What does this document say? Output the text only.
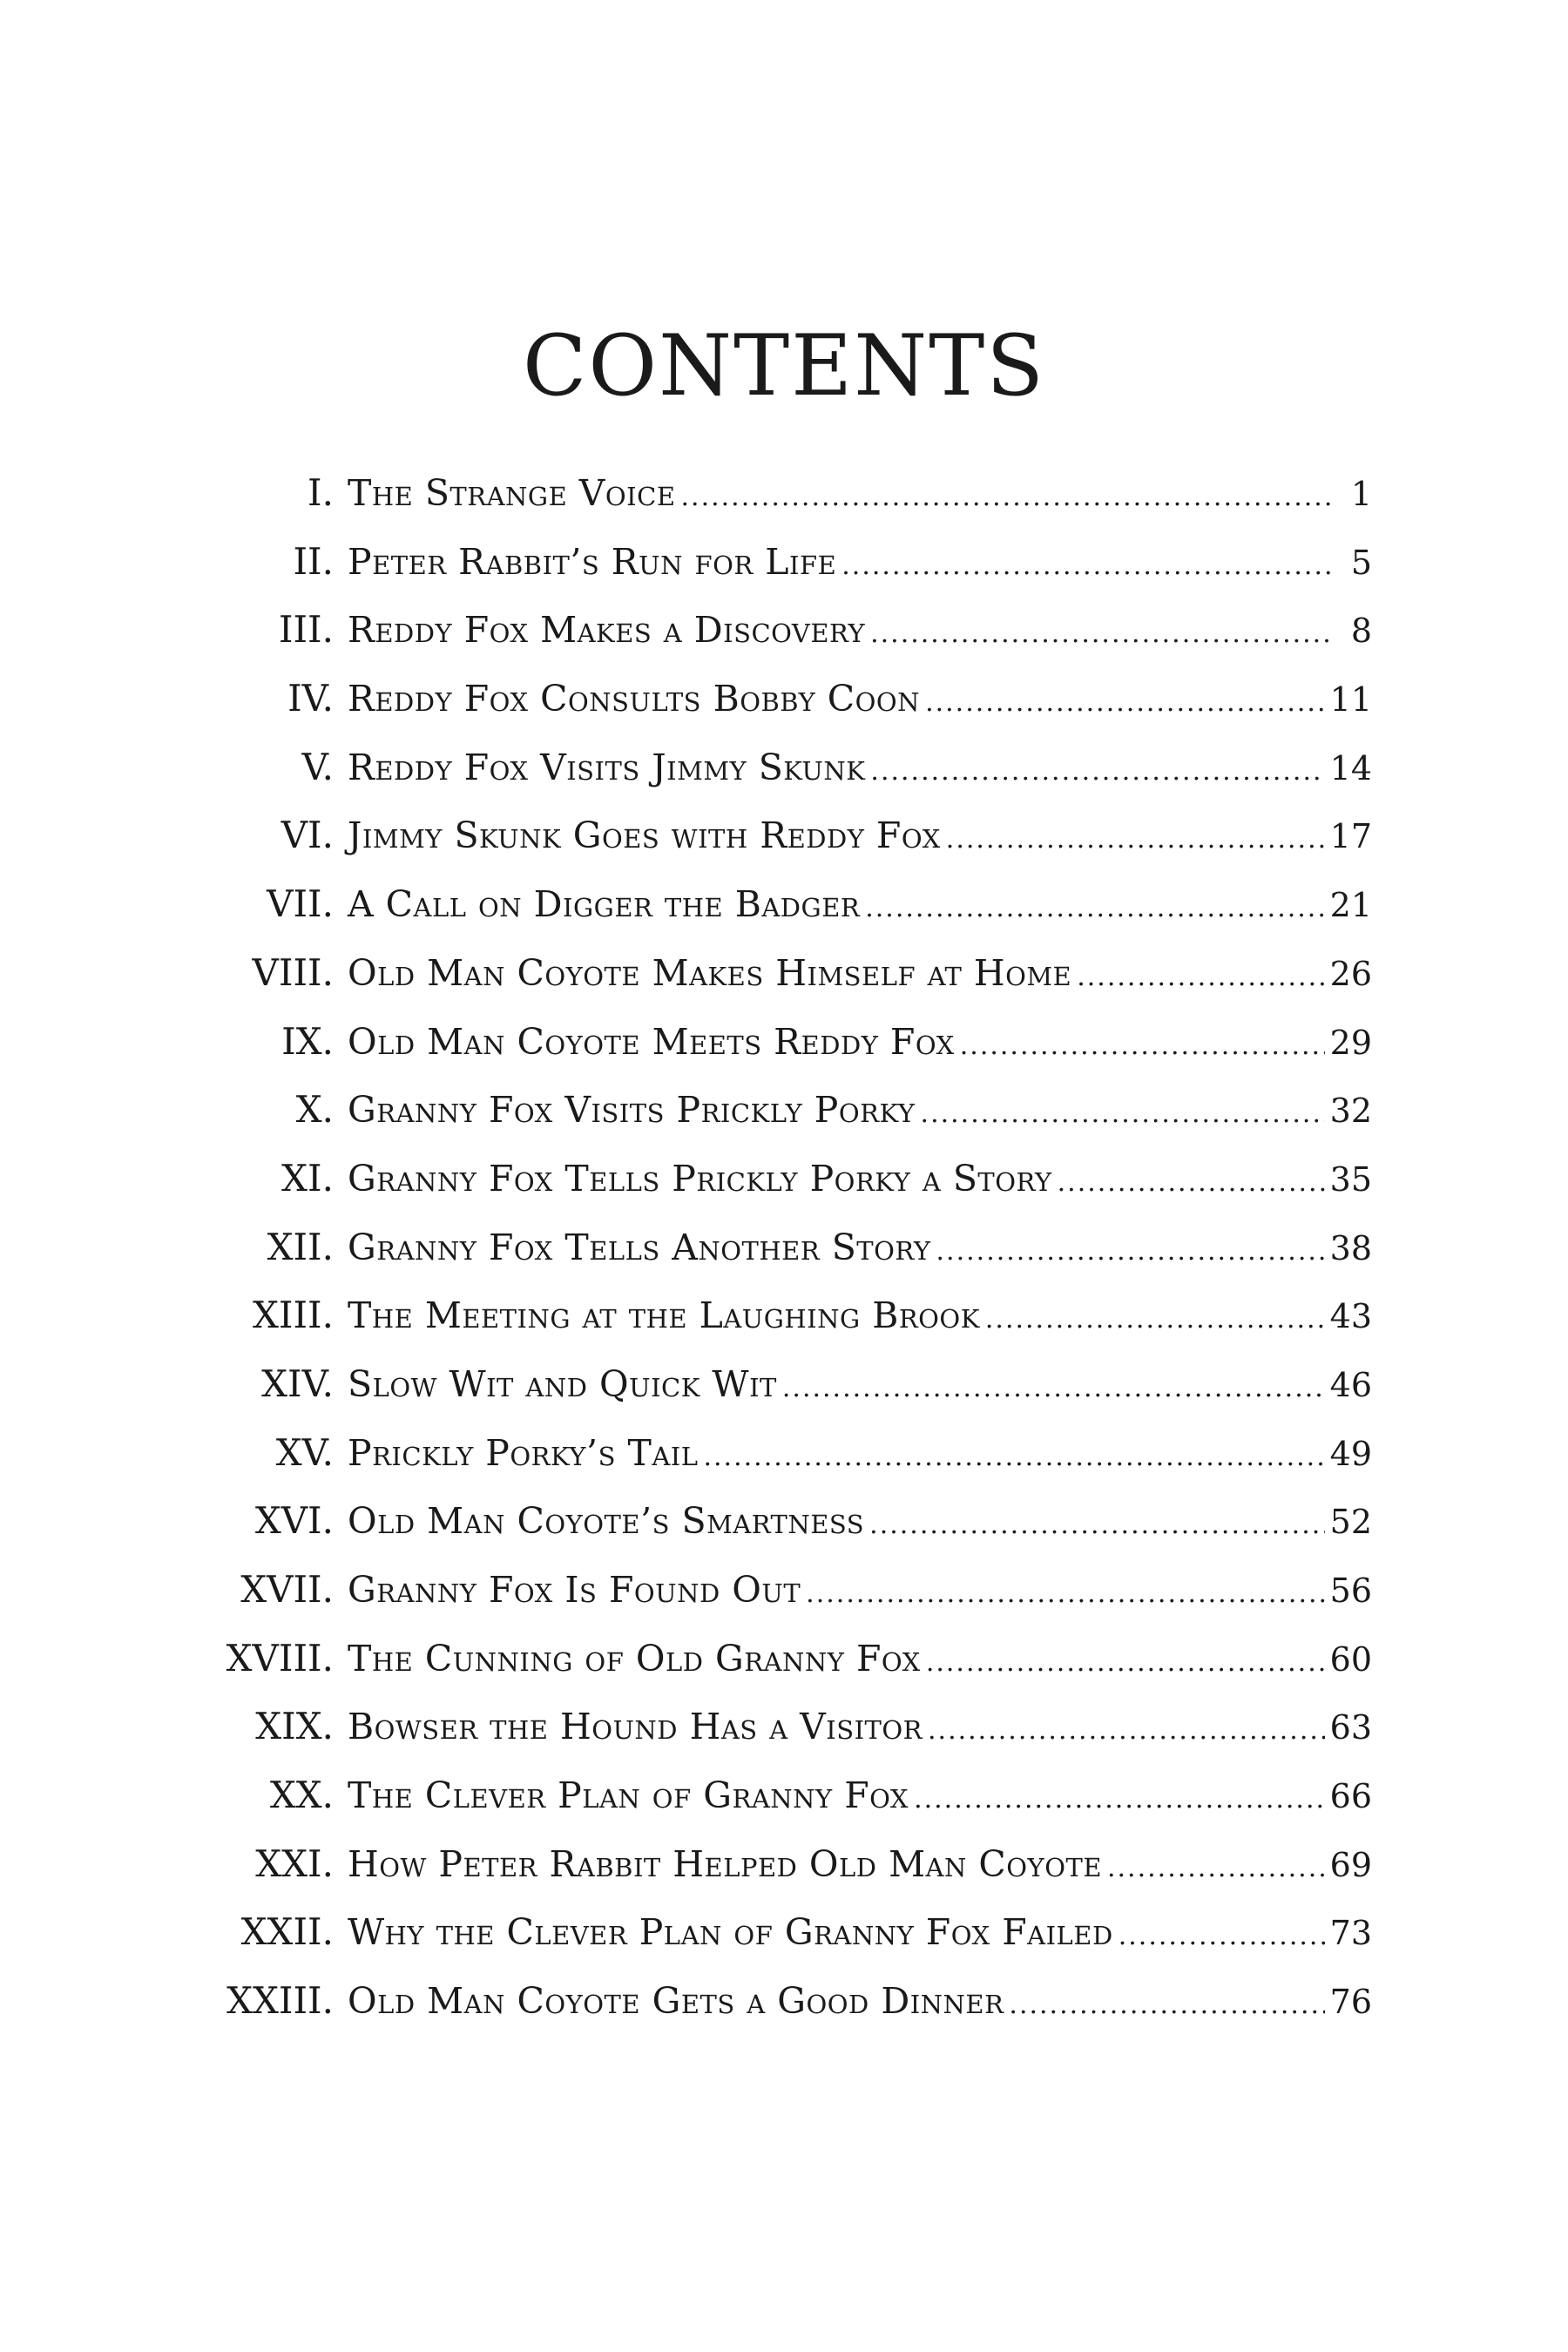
CONTENTS
I. The Strange Voice .....	1
II. Peter Rabbit’s Run for Life .....	5
III. Reddy Fox Makes a Discovery .....	8
IV. Reddy Fox Consults Bobby Coon .....	11
V. Reddy Fox Visits Jimmy Skunk .....	14
VI. Jimmy Skunk Goes with Reddy Fox .....	17
VII. A Call on Digger the Badger .....	21
VIII. Old Man Coyote Makes Himself at Home .....	26
IX. Old Man Coyote Meets Reddy Fox .....	29
X. Granny Fox Visits Prickly Porky .....	32
XI. Granny Fox Tells Prickly Porky a Story .....	35
XII. Granny Fox Tells Another Story .....	38
XIII. The Meeting at the Laughing Brook .....	43
XIV. Slow Wit and Quick Wit .....	46
XV. Prickly Porky’s Tail .....	49
XVI. Old Man Coyote’s Smartness .....	52
XVII. Granny Fox Is Found Out .....	56
XVIII. The Cunning of Old Granny Fox .....	60
XIX. Bowser the Hound Has a Visitor .....	63
XX. The Clever Plan of Granny Fox .....	66
XXI. How Peter Rabbit Helped Old Man Coyote .....	69
XXII. Why the Clever Plan of Granny Fox Failed .....	73
XXIII. Old Man Coyote Gets a Good Dinner .....	76
